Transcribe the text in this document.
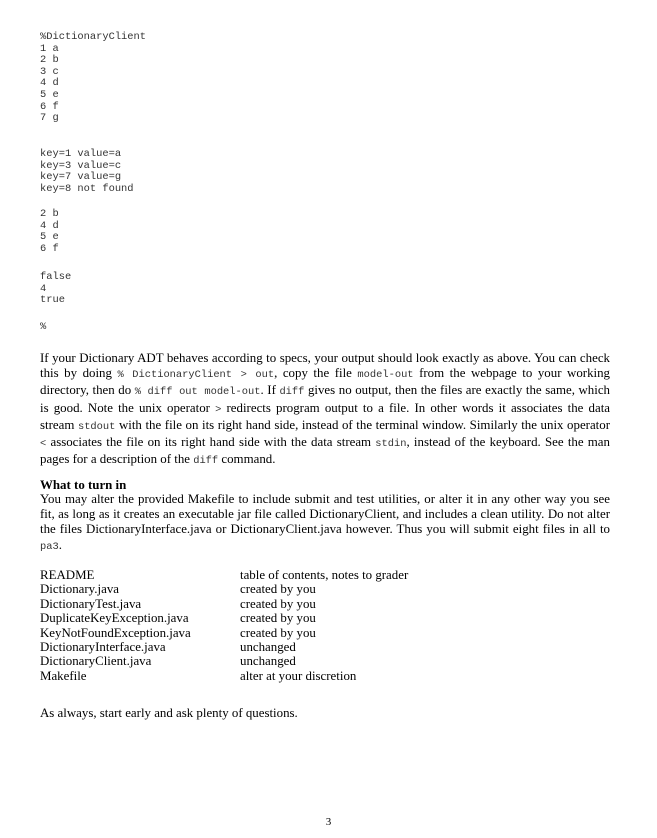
%DictionaryClient
1 a
2 b
3 c
4 d
5 e
6 f
7 g
key=1 value=a
key=3 value=c
key=7 value=g
key=8 not found
2 b
4 d
5 e
6 f
false
4
true
%
If your Dictionary ADT behaves according to specs, your output should look exactly as above. You can check this by doing % DictionaryClient > out, copy the file model-out from the webpage to your working directory, then do % diff out model-out. If diff gives no output, then the files are exactly the same, which is good. Note the unix operator > redirects program output to a file. In other words it associates the data stream stdout with the file on its right hand side, instead of the terminal window. Similarly the unix operator < associates the file on its right hand side with the data stream stdin, instead of the keyboard. See the man pages for a description of the diff command.
What to turn in
You may alter the provided Makefile to include submit and test utilities, or alter it in any other way you see fit, as long as it creates an executable jar file called DictionaryClient, and includes a clean utility. Do not alter the files DictionaryInterface.java or DictionaryClient.java however. Thus you will submit eight files in all to pa3.
README	table of contents, notes to grader
Dictionary.java	created by you
DictionaryTest.java	created by you
DuplicateKeyException.java	created by you
KeyNotFoundException.java	created by you
DictionaryInterface.java	unchanged
DictionaryClient.java	unchanged
Makefile	alter at your discretion
As always, start early and ask plenty of questions.
3
